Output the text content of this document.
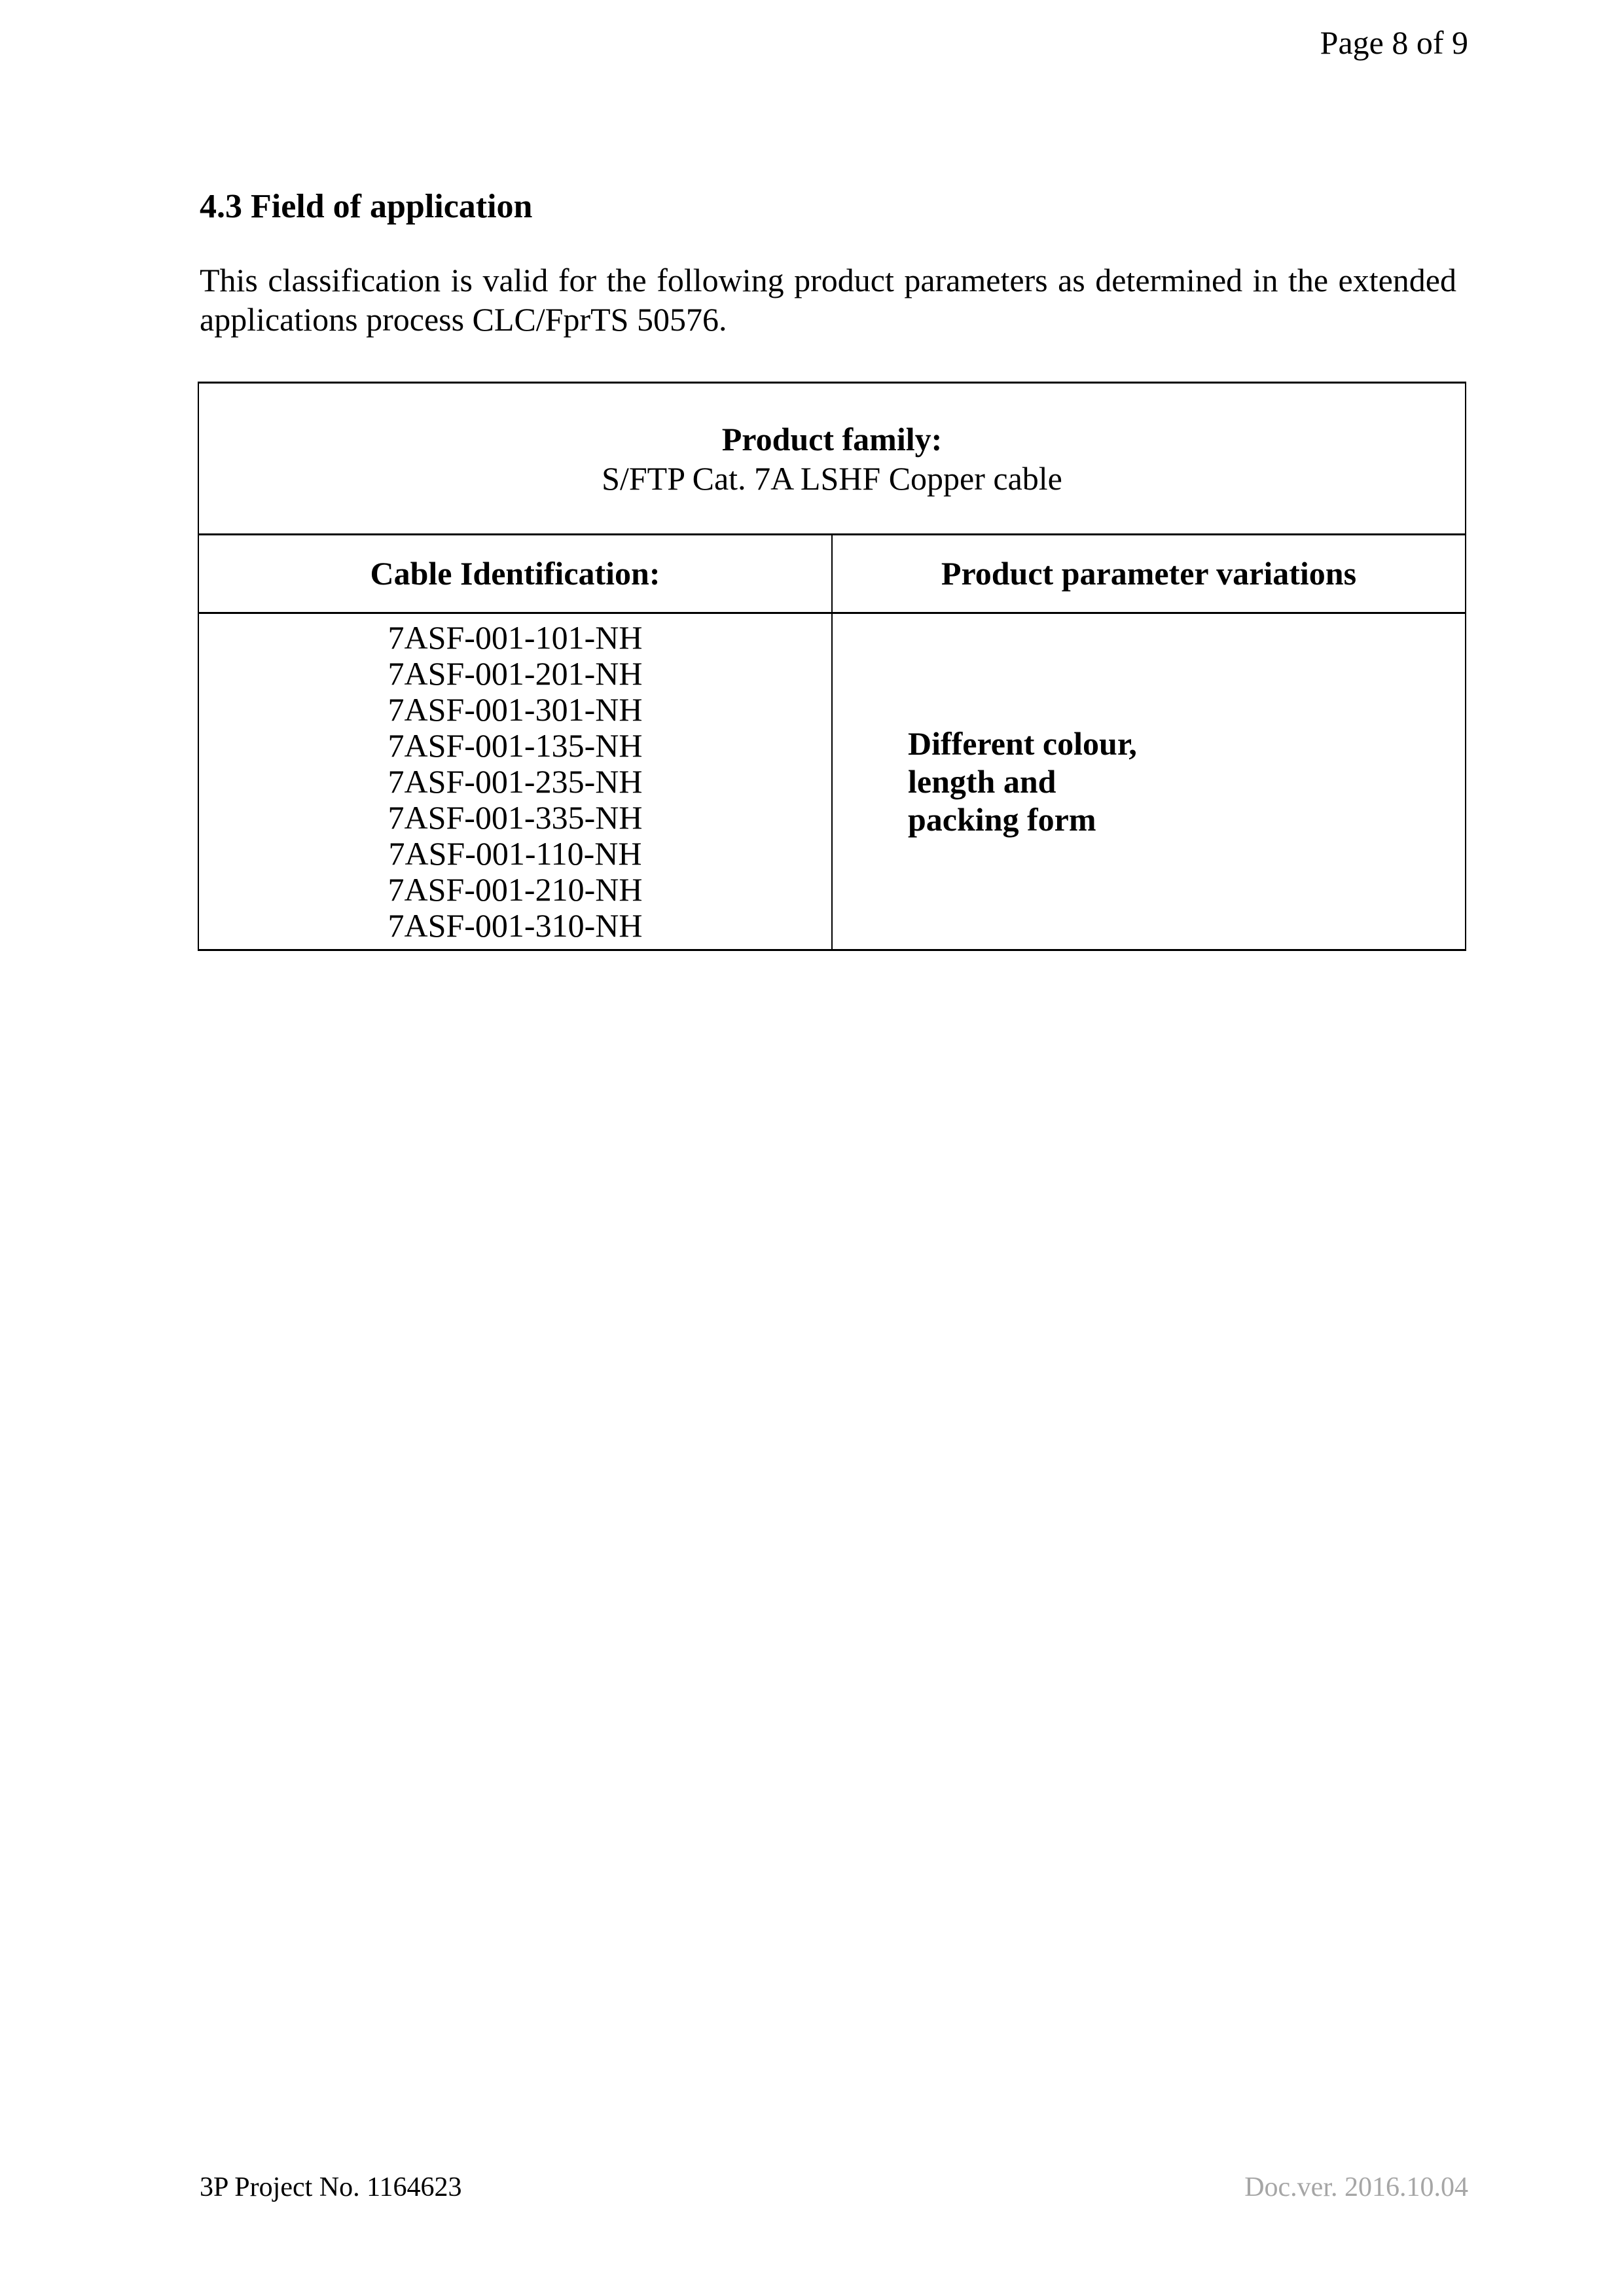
Page 8 of 9
4.3 Field of application
This classification is valid for the following product parameters as determined in the extended
applications process CLC/FprTS 50576.
Product family:
S/FTP Cat. 7A LSHF Copper cable	

Cable Identification:	Product parameter variations

7ASF-001-101-NH
7ASF-001-201-NH
7ASF-001-301-NH
7ASF-001-135-NH
7ASF-001-235-NH
7ASF-001-335-NH
7ASF-001-110-NH
7ASF-001-210-NH
7ASF-001-310-NH

Different colour, length and packing form
3P Project No. 1164623	Doc.ver. 2016.10.04
